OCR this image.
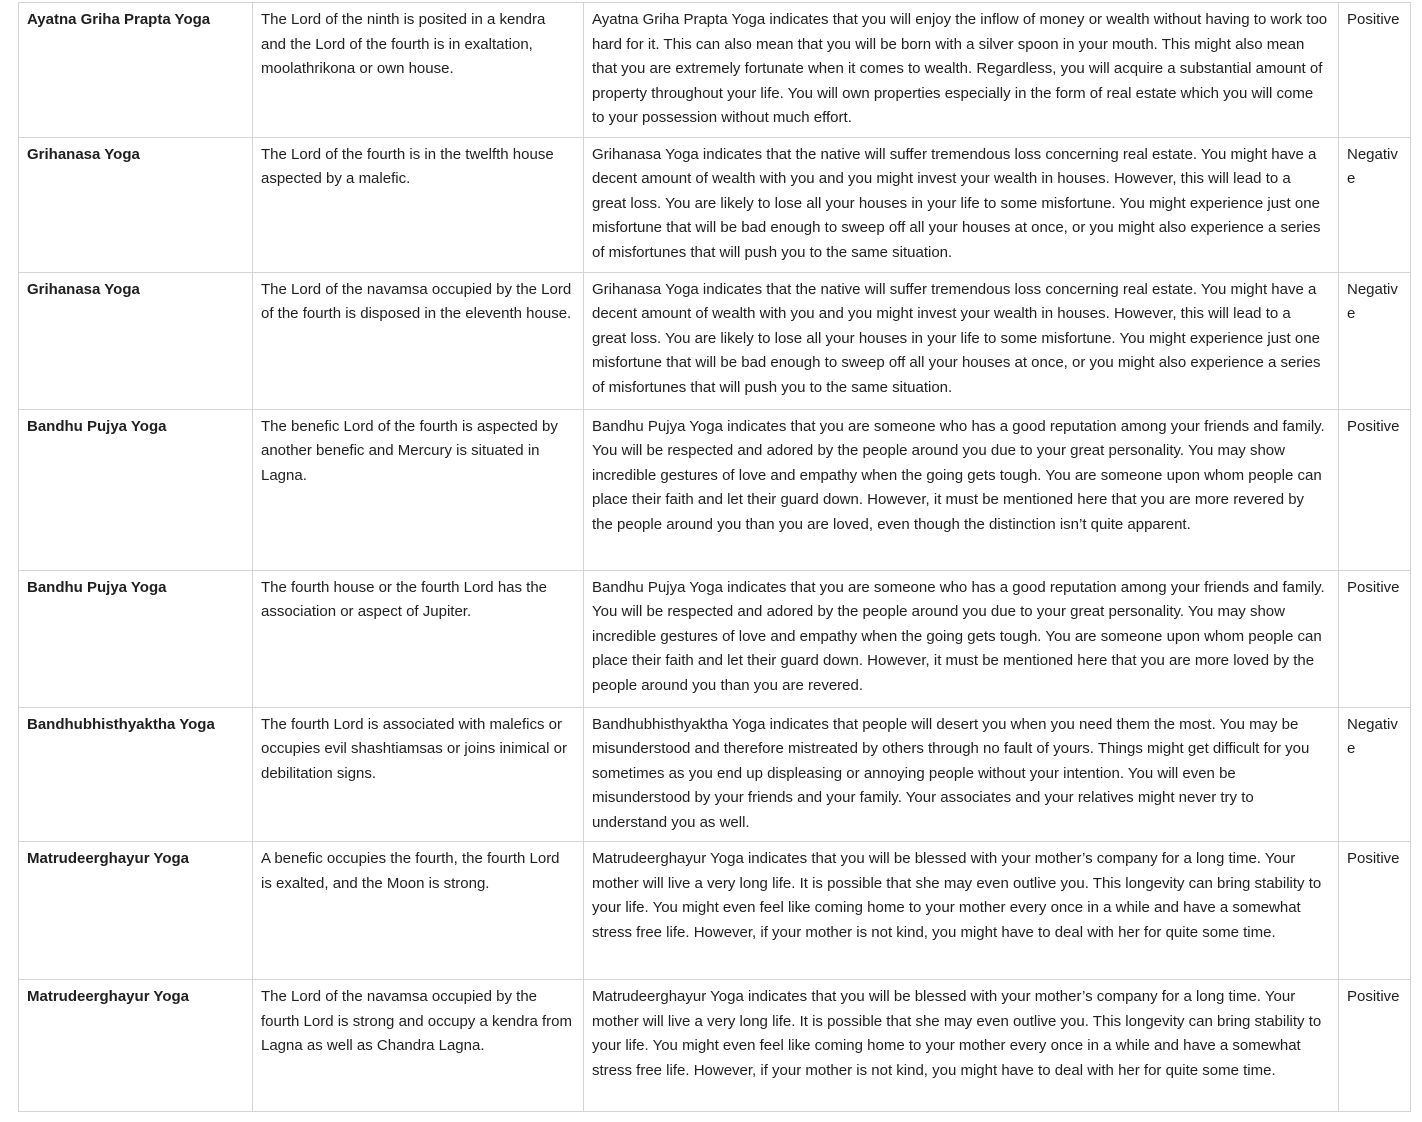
Ayatna Griha Prapta Yoga	The Lord of the ninth is posited in a kendra and the Lord of the fourth is in exaltation, moolathrikona or own house.	Ayatna Griha Prapta Yoga indicates that you will enjoy the inflow of money or wealth without having to work too hard for it. This can also mean that you will be born with a silver spoon in your mouth. This might also mean that you are extremely fortunate when it comes to wealth. Regardless, you will acquire a substantial amount of property throughout your life. You will own properties especially in the form of real estate which you will come to your possession without much effort.	Positive
Grihanasa Yoga	The Lord of the fourth is in the twelfth house aspected by a malefic.	Grihanasa Yoga indicates that the native will suffer tremendous loss concerning real estate. You might have a decent amount of wealth with you and you might invest your wealth in houses. However, this will lead to a great loss. You are likely to lose all your houses in your life to some misfortune. You might experience just one misfortune that will be bad enough to sweep off all your houses at once, or you might also experience a series of misfortunes that will push you to the same situation.	Negative
Grihanasa Yoga	The Lord of the navamsa occupied by the Lord of the fourth is disposed in the eleventh house.	Grihanasa Yoga indicates that the native will suffer tremendous loss concerning real estate. You might have a decent amount of wealth with you and you might invest your wealth in houses. However, this will lead to a great loss. You are likely to lose all your houses in your life to some misfortune. You might experience just one misfortune that will be bad enough to sweep off all your houses at once, or you might also experience a series of misfortunes that will push you to the same situation.	Negative
Bandhu Pujya Yoga	The benefic Lord of the fourth is aspected by another benefic and Mercury is situated in Lagna.	Bandhu Pujya Yoga indicates that you are someone who has a good reputation among your friends and family. You will be respected and adored by the people around you due to your great personality. You may show incredible gestures of love and empathy when the going gets tough. You are someone upon whom people can place their faith and let their guard down. However, it must be mentioned here that you are more revered by the people around you than you are loved, even though the distinction isn’t quite apparent.	Positive
Bandhu Pujya Yoga	The fourth house or the fourth Lord has the association or aspect of Jupiter.	Bandhu Pujya Yoga indicates that you are someone who has a good reputation among your friends and family. You will be respected and adored by the people around you due to your great personality. You may show incredible gestures of love and empathy when the going gets tough. You are someone upon whom people can place their faith and let their guard down. However, it must be mentioned here that you are more loved by the people around you than you are revered.	Positive
Bandhubhisthyaktha Yoga	The fourth Lord is associated with malefics or occupies evil shashtiamsas or joins inimical or debilitation signs.	Bandhubhisthyaktha Yoga indicates that people will desert you when you need them the most. You may be misunderstood and therefore mistreated by others through no fault of yours. Things might get difficult for you sometimes as you end up displeasing or annoying people without your intention. You will even be misunderstood by your friends and your family. Your associates and your relatives might never try to understand you as well.	Negative
Matrudeerghayur Yoga	A benefic occupies the fourth, the fourth Lord is exalted, and the Moon is strong.	Matrudeerghayur Yoga indicates that you will be blessed with your mother’s company for a long time. Your mother will live a very long life. It is possible that she may even outlive you. This longevity can bring stability to your life. You might even feel like coming home to your mother every once in a while and have a somewhat stress free life. However, if your mother is not kind, you might have to deal with her for quite some time.	Positive
Matrudeerghayur Yoga	The Lord of the navamsa occupied by the fourth Lord is strong and occupy a kendra from Lagna as well as Chandra Lagna.	Matrudeerghayur Yoga indicates that you will be blessed with your mother’s company for a long time. Your mother will live a very long life. It is possible that she may even outlive you. This longevity can bring stability to your life. You might even feel like coming home to your mother every once in a while and have a somewhat stress free life. However, if your mother is not kind, you might have to deal with her for quite some time.	Positive
